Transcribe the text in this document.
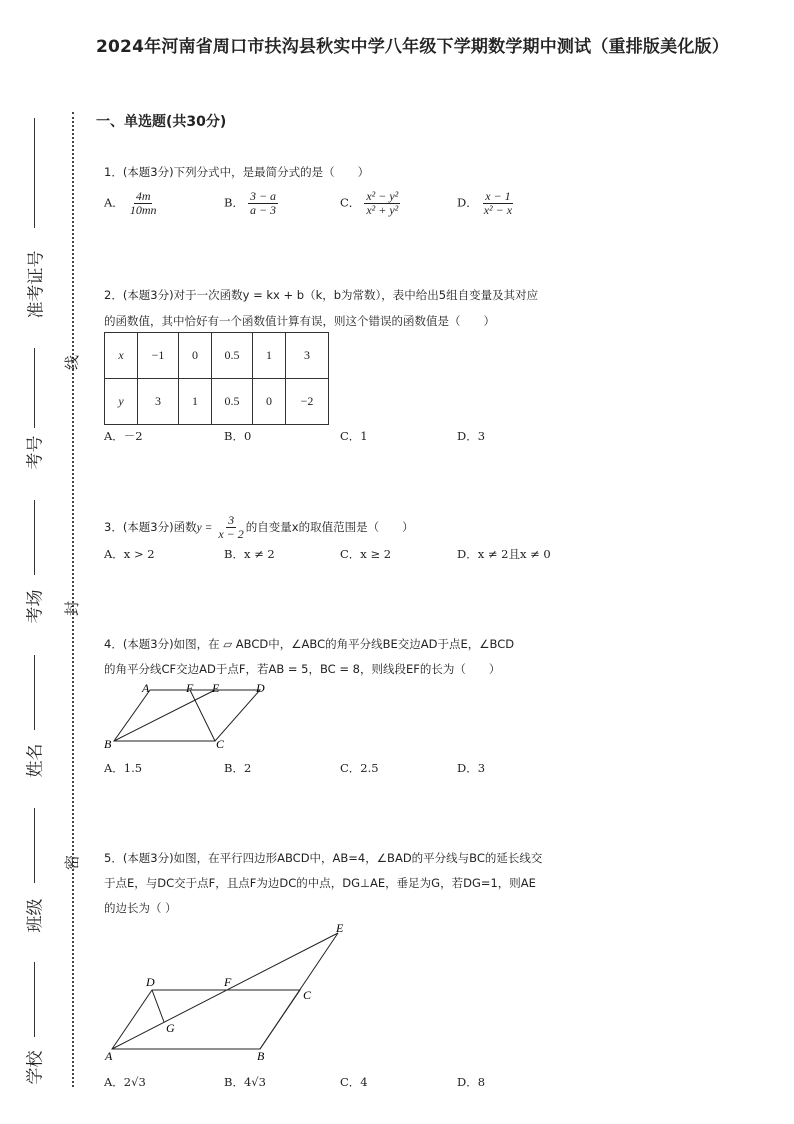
2024年河南省周口市扶沟县秋实中学八年级下学期数学期中测试（重排版美化版）
准考证号
考号
考场
姓名
班级
学校
线
封
密
一、单选题(共30分)
1．(本题3分)下列分式中，是最简分式的是（　　）
A． $\frac{4m}{10mn}$	B． $\frac{3 - a}{a - 3}$	C． $\frac{\text{x² − y²}}{\text{x² + y²}}$	D． $\frac{x - 1}{\text{x² − x}}$
2．(本题3分)对于一次函数y = kx + b（k，b为常数），表中给出5组自变量及其对应
的函数值，其中恰好有一个函数值计算有误，则这个错误的函数值是（　　）
x	−1	0	0.5	1	3
y	3	1	0.5	0	−2
A．－2	B．0	C．1	D．3
3．(本题3分)函数$y = \frac{3}{x - 2}$ 的自变量x的取值范围是（　　）
A．x > 2	B．x ≠ 2	C．x ≥ 2	D．x ≠ 2且x ≠ 0
4．(本题3分)如图，在 ▱ ABCD中，∠ABC的角平分线BE交边AD于点E，∠BCD
的角平分线CF交边AD于点F，若AB = 5，BC = 8，则线段EF的长为（　　）
A	F E	D
B	C
A．1.5	B．2	C．2.5	D．3
5．(本题3分)如图，在平行四边形ABCD中，AB=4，∠BAD的平分线与BC的延长线交
于点E，与DC交于点F，且点F为边DC的中点，DG⊥AE，垂足为G，若DG=1，则AE
的边长为（ ）
E
D	F
C
G
A	B
A．2√3	B．4√3	C．4	D．8
